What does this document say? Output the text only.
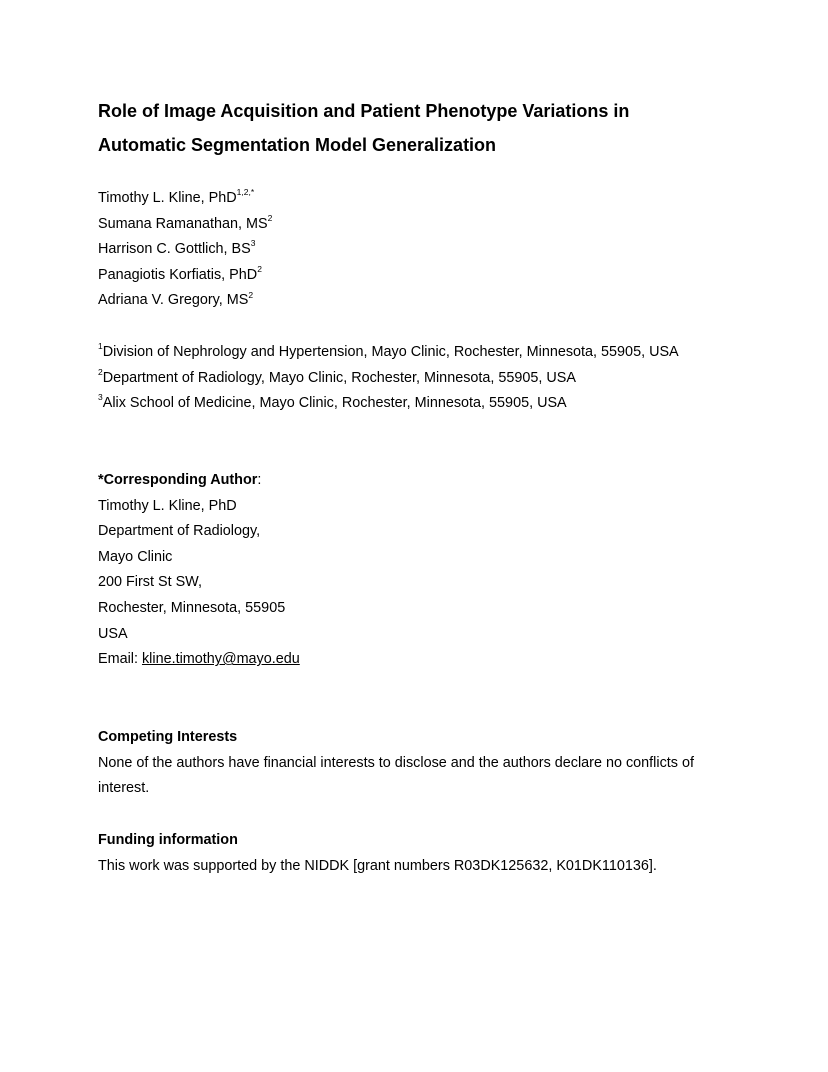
Role of Image Acquisition and Patient Phenotype Variations in
Automatic Segmentation Model Generalization
Timothy L. Kline, PhD$^{1,2,*}$
Sumana Ramanathan, $MS^2$
Harrison C. Gottlich, $BS^3$
Panagiotis Korfiatis, PhD$^2$
Adriana V. Gregory, $MS^2$
$^1$Division of Nephrology and Hypertension, Mayo Clinic, Rochester, Minnesota, 55905, USA
$^2$Department of Radiology, Mayo Clinic, Rochester, Minnesota, 55905, USA
$^3$Alix School of Medicine, Mayo Clinic, Rochester, Minnesota, 55905, USA
*Corresponding Author:
Timothy L. Kline, PhD
Department of Radiology,
Mayo Clinic
200 First St SW,
Rochester, Minnesota, 55905
USA
Email: kline.timothy@mayo.edu
Competing Interests
None of the authors have financial interests to disclose and the authors declare no conflicts of
interest.
Funding information
This work was supported by the NIDDK [grant numbers R03DK125632, K01DK110136].
